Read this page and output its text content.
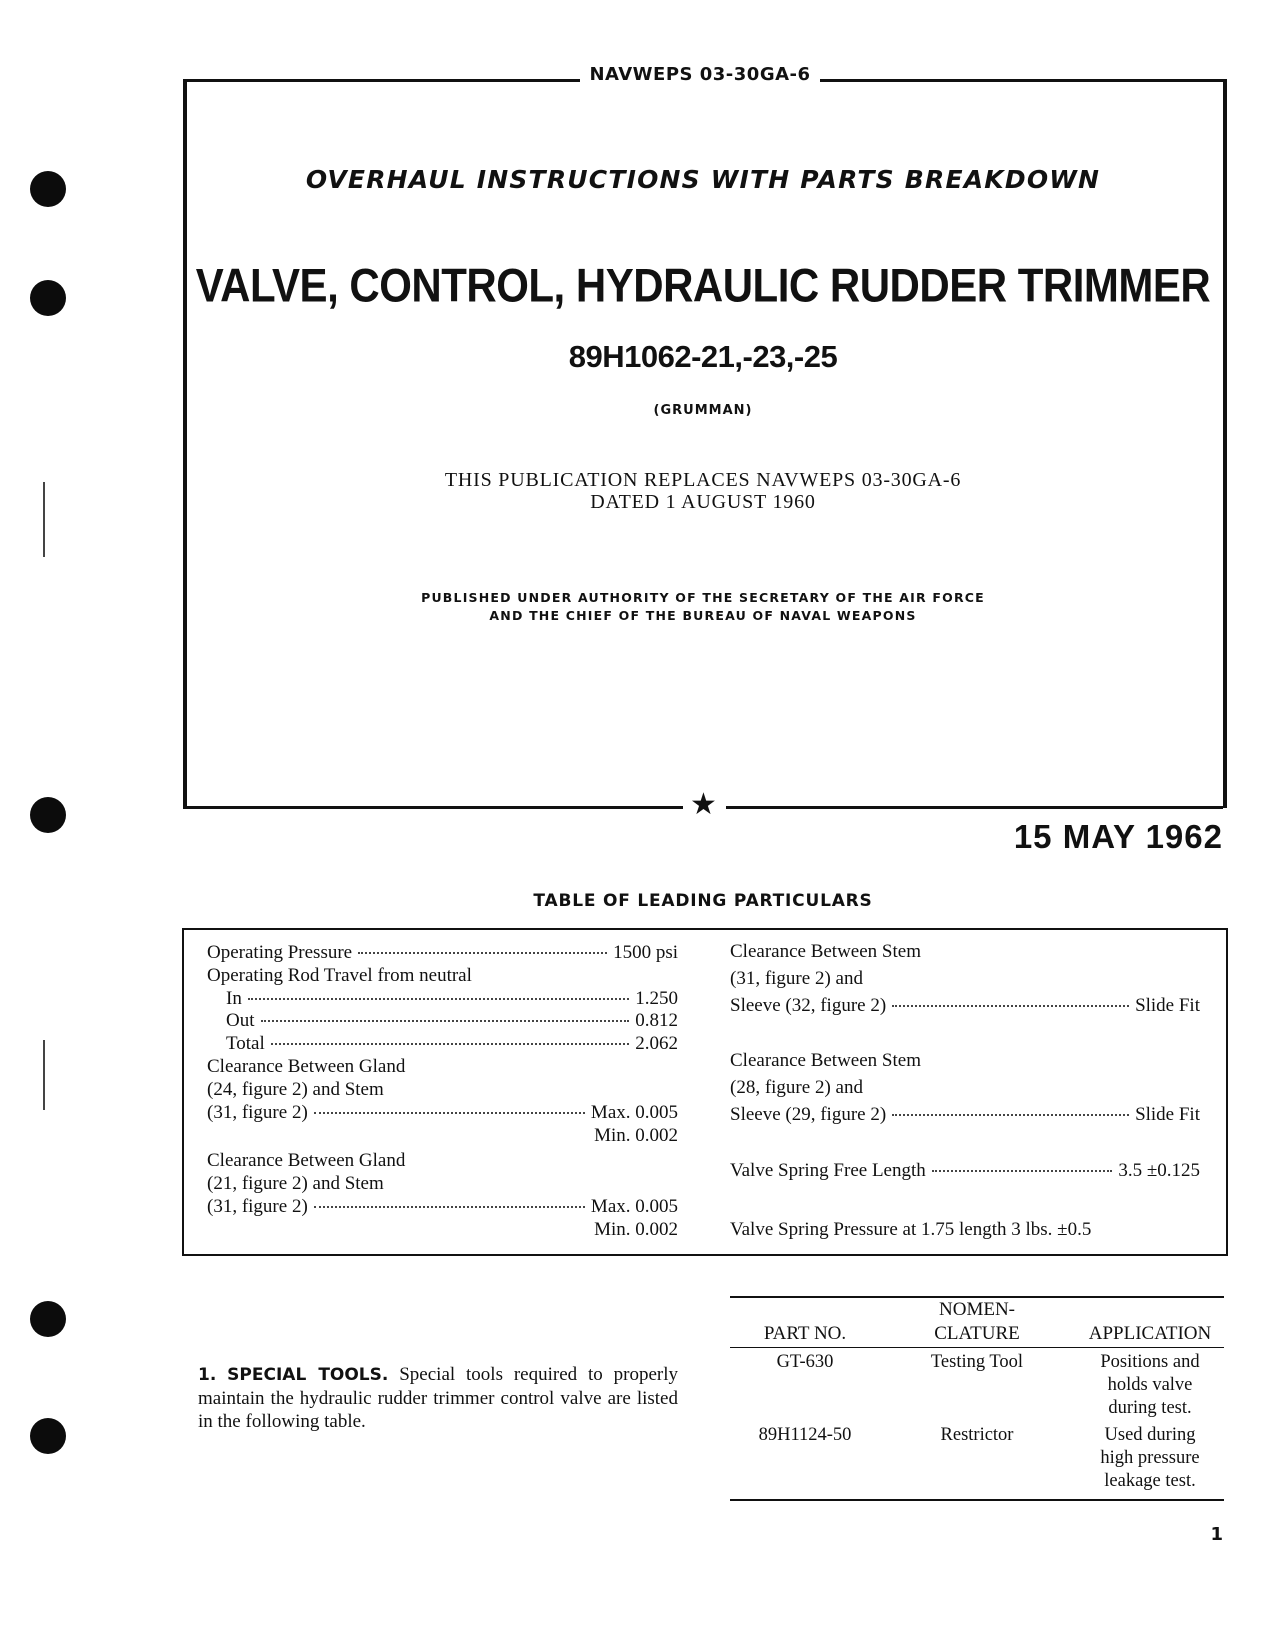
NAVWEPS 03-30GA-6
★
OVERHAUL INSTRUCTIONS WITH PARTS BREAKDOWN
VALVE, CONTROL, HYDRAULIC RUDDER TRIMMER
89H1062-21,-23,-25
(GRUMMAN)
THIS PUBLICATION REPLACES NAVWEPS 03-30GA-6
DATED 1 AUGUST 1960
PUBLISHED UNDER AUTHORITY OF THE SECRETARY OF THE AIR FORCE
AND THE CHIEF OF THE BUREAU OF NAVAL WEAPONS
15 MAY 1962
TABLE OF LEADING PARTICULARS
Operating Pressure	1500 psi
Operating Rod Travel from neutral
In	1.250
Out	0.812
Total	2.062
Clearance Between Gland
(24, figure 2) and Stem
(31, figure 2)	Max. 0.005
Min. 0.002
Clearance Between Gland
(21, figure 2) and Stem
(31, figure 2)	Max. 0.005
Min. 0.002
Clearance Between Stem
(31, figure 2) and
Sleeve (32, figure 2)	Slide Fit
Clearance Between Stem
(28, figure 2) and
Sleeve (29, figure 2)	Slide Fit
Valve Spring Free Length	3.5 ±0.125
Valve Spring Pressure at 1.75 length 3 lbs. ±0.5
1. SPECIAL TOOLS. Special tools required to properly maintain the hydraulic rudder trimmer control valve are listed in the following table.
NOMEN-
PART NO.	CLATURE	APPLICATION
GT-630	Testing Tool	Positions and
holds valve
during test.
89H1124-50	Restrictor	Used during
high pressure
leakage test.
1
